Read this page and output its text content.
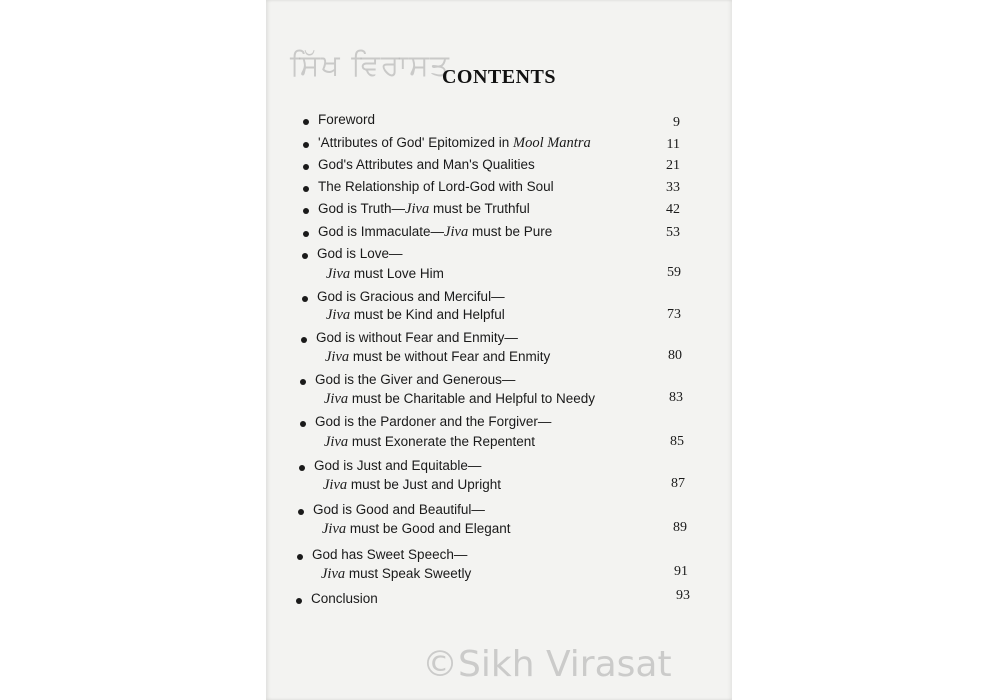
ਸਿੱਖ ਵਿਰਾਸਤ
CONTENTS
Foreword	9
'Attributes of God' Epitomized in Mool Mantra	11
God's Attributes and Man's Qualities	21
The Relationship of Lord-God with Soul	33
God is Truth—Jiva must be Truthful	42
God is Immaculate—Jiva must be Pure	53
God is Love—
Jiva must Love Him	59
God is Gracious and Merciful—
Jiva must be Kind and Helpful	73
God is without Fear and Enmity—
Jiva must be without Fear and Enmity	80
God is the Giver and Generous—
Jiva must be Charitable and Helpful to Needy	83
God is the Pardoner and the Forgiver—
Jiva must Exonerate the Repentent	85
God is Just and Equitable—
Jiva must be Just and Upright	87
God is Good and Beautiful—
Jiva must be Good and Elegant	89
God has Sweet Speech—
Jiva must Speak Sweetly	91
Conclusion	93
©Sikh Virasat
